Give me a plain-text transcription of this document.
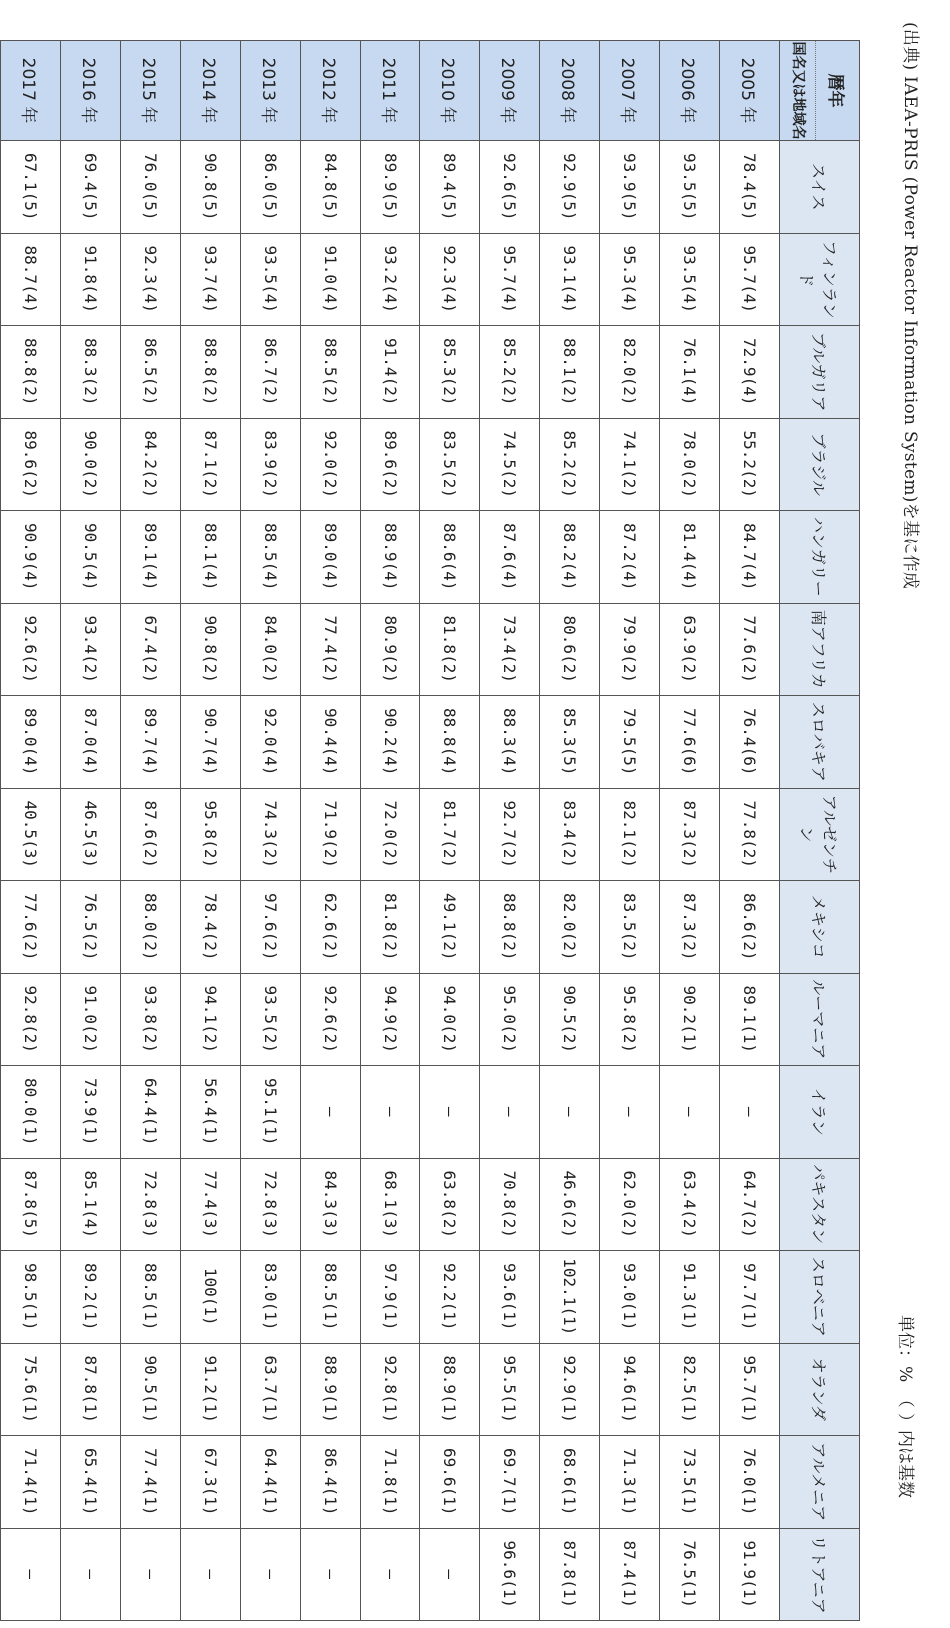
(出典) IAEA-PRIS (Power Reactor Information System)を基に作成
単位：%　（ ）内は基数
暦年
国名又は地域名	スイス	フィンランド	ブルガリア	ブラジル	ハンガリー	南アフリカ	スロバキア	アルゼンチン	メキシコ	ルーマニア	イラン	パキスタン	スロベニア	オランダ	アルメニア	リトアニア
2005 年	78.4(5)	95.7(4)	72.9(4)	55.2(2)	84.7(4)	77.6(2)	76.4(6)	77.8(2)	86.6(2)	89.1(1)	―	64.7(2)	97.7(1)	95.7(1)	76.0(1)	91.9(1)
2006 年	93.5(5)	93.5(4)	76.1(4)	78.0(2)	81.4(4)	63.9(2)	77.6(6)	87.3(2)	87.3(2)	90.2(1)	―	63.4(2)	91.3(1)	82.5(1)	73.5(1)	76.5(1)
2007 年	93.9(5)	95.3(4)	82.0(2)	74.1(2)	87.2(4)	79.9(2)	79.5(5)	82.1(2)	83.5(2)	95.8(2)	―	62.0(2)	93.0(1)	94.6(1)	71.3(1)	87.4(1)
2008 年	92.9(5)	93.1(4)	88.1(2)	85.2(2)	88.2(4)	80.6(2)	85.3(5)	83.4(2)	82.0(2)	90.5(2)	―	46.6(2)	102.1(1)	92.9(1)	68.6(1)	87.8(1)
2009 年	92.6(5)	95.7(4)	85.2(2)	74.5(2)	87.6(4)	73.4(2)	88.3(4)	92.7(2)	88.8(2)	95.0(2)	―	70.8(2)	93.6(1)	95.5(1)	69.7(1)	96.6(1)
2010 年	89.4(5)	92.3(4)	85.3(2)	83.5(2)	88.6(4)	81.8(2)	88.8(4)	81.7(2)	49.1(2)	94.0(2)	―	63.8(2)	92.2(1)	88.9(1)	69.6(1)	―
2011 年	89.9(5)	93.2(4)	91.4(2)	89.6(2)	88.9(4)	80.9(2)	90.2(4)	72.0(2)	81.8(2)	94.9(2)	―	68.1(3)	97.9(1)	92.8(1)	71.8(1)	―
2012 年	84.8(5)	91.0(4)	88.5(2)	92.0(2)	89.0(4)	77.4(2)	90.4(4)	71.9(2)	62.6(2)	92.6(2)	―	84.3(3)	88.5(1)	88.9(1)	86.4(1)	―
2013 年	86.0(5)	93.5(4)	86.7(2)	83.9(2)	88.5(4)	84.0(2)	92.0(4)	74.3(2)	97.6(2)	93.5(2)	95.1(1)	72.8(3)	83.0(1)	63.7(1)	64.4(1)	―
2014 年	90.8(5)	93.7(4)	88.8(2)	87.1(2)	88.1(4)	90.8(2)	90.7(4)	95.8(2)	78.4(2)	94.1(2)	56.4(1)	77.4(3)	100(1)	91.2(1)	67.3(1)	―
2015 年	76.0(5)	92.3(4)	86.5(2)	84.2(2)	89.1(4)	67.4(2)	89.7(4)	87.6(2)	88.0(2)	93.8(2)	64.4(1)	72.8(3)	88.5(1)	90.5(1)	77.4(1)	―
2016 年	69.4(5)	91.8(4)	88.3(2)	90.0(2)	90.5(4)	93.4(2)	87.0(4)	46.5(3)	76.5(2)	91.0(2)	73.9(1)	85.1(4)	89.2(1)	87.8(1)	65.4(1)	―
2017 年	67.1(5)	88.7(4)	88.8(2)	89.6(2)	90.9(4)	92.6(2)	89.0(4)	40.5(3)	77.6(2)	92.8(2)	80.0(1)	87.8(5)	98.5(1)	75.6(1)	71.4(1)	―
